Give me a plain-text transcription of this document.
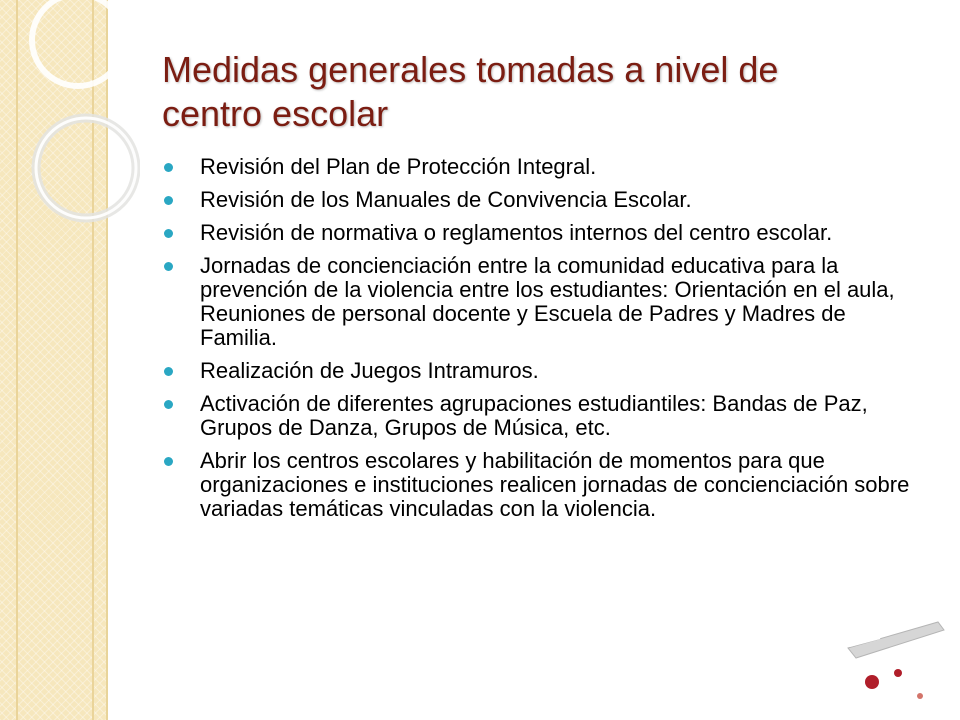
Medidas generales tomadas a nivel de centro escolar
Revisión del Plan de Protección Integral.
Revisión de los Manuales de Convivencia Escolar.
Revisión de normativa o reglamentos internos del centro escolar.
Jornadas de concienciación entre la comunidad educativa para la prevención de la violencia entre los estudiantes: Orientación en el aula, Reuniones de personal docente y Escuela de Padres y Madres de Familia.
Realización de Juegos Intramuros.
Activación de diferentes agrupaciones estudiantiles: Bandas de Paz, Grupos de Danza, Grupos de Música, etc.
Abrir los centros escolares y habilitación de momentos para que organizaciones e instituciones realicen jornadas de concienciación sobre variadas temáticas vinculadas con la violencia.
